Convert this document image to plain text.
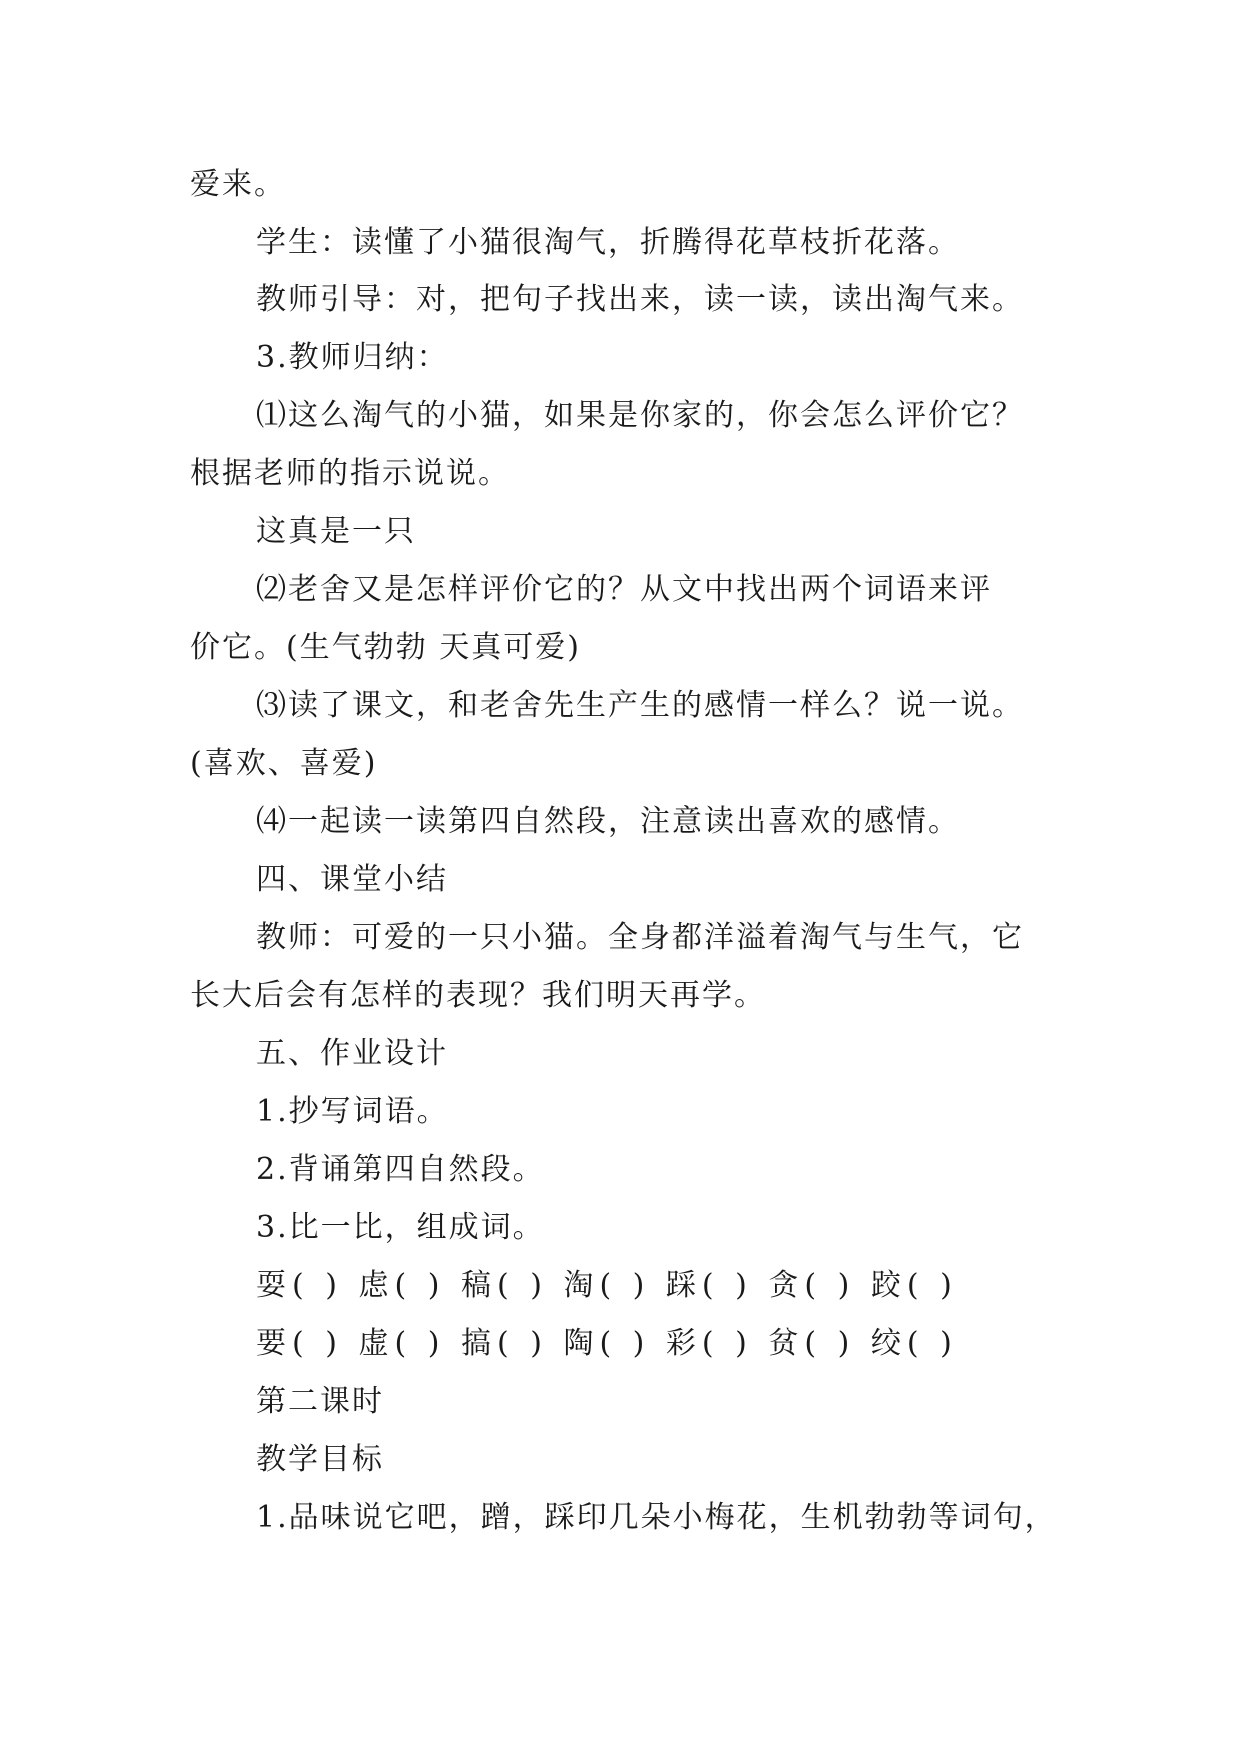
爱来。
学生：读懂了小猫很淘气，折腾得花草枝折花落。
教师引导：对，把句子找出来，读一读，读出淘气来。
3.教师归纳：
⑴这么淘气的小猫，如果是你家的，你会怎么评价它？
根据老师的指示说说。
这真是一只
⑵老舍又是怎样评价它的？从文中找出两个词语来评
价它。(生气勃勃 天真可爱)
⑶读了课文，和老舍先生产生的感情一样么？说一说。
(喜欢、喜爱)
⑷一起读一读第四自然段，注意读出喜欢的感情。
四、课堂小结
教师：可爱的一只小猫。全身都洋溢着淘气与生气，它
长大后会有怎样的表现？我们明天再学。
五、作业设计
1.抄写词语。
2.背诵第四自然段。
3.比一比，组成词。
耍( ) 虑( ) 稿( ) 淘( ) 踩( ) 贪( ) 跤( )
要( ) 虚( ) 搞( ) 陶( ) 彩( ) 贫( ) 绞( )
第二课时
教学目标
1.品味说它吧，蹭，踩印几朵小梅花，生机勃勃等词句，
